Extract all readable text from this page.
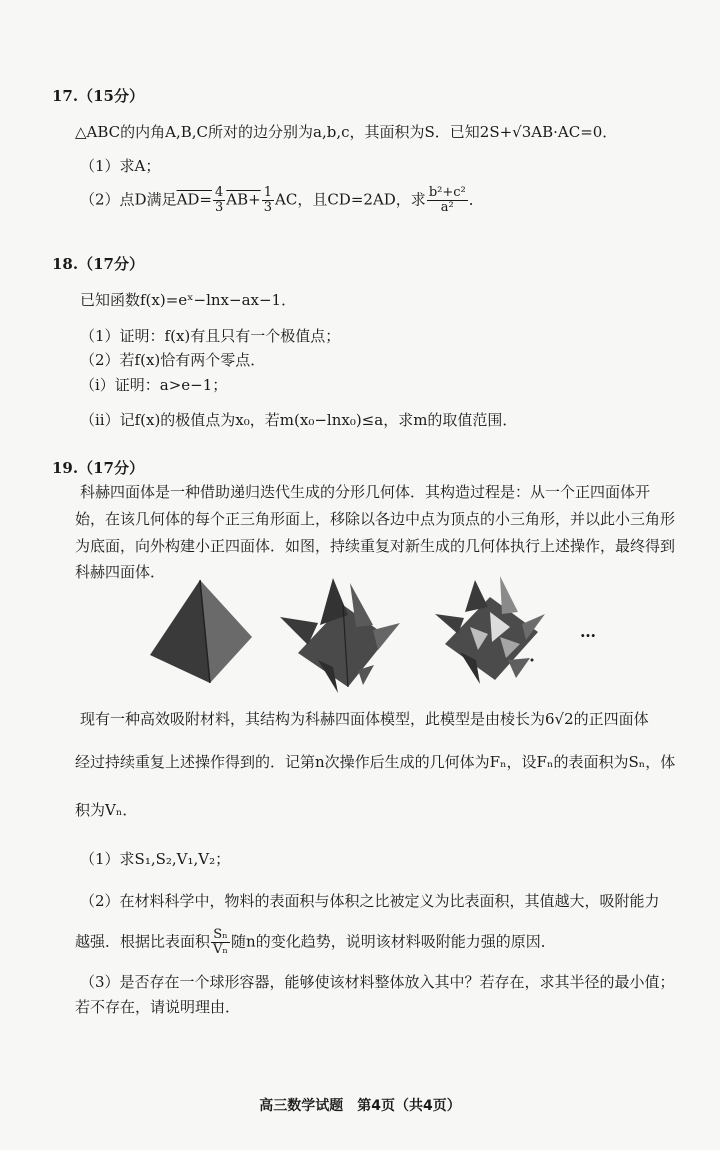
17.（15分）
△ABC的内角A,B,C所对的边分别为a,b,c，其面积为S．已知2S+√3AB·AC=0．
（1）求A；
（2）点D满足$AD= \frac{4}{3} AB+ \frac{1}{3}$ AC，且CD=2AD，求 $\frac{\text{b²+c²}}{\text{a²}}$ ．
18.（17分）
已知函数f(x)=eˣ−lnx−ax−1．
（1）证明：f(x)有且只有一个极值点；
（2）若f(x)恰有两个零点．
（i）证明：a>e−1；
（ii）记f(x)的极值点为x₀，若m(x₀−lnx₀)≤a，求m的取值范围．
19.（17分）
科赫四面体是一种借助递归迭代生成的分形几何体．其构造过程是：从一个正四面体开
始，在该几何体的每个正三角形面上，移除以各边中点为顶点的小三角形，并以此小三角形
为底面，向外构建小正四面体．如图，持续重复对新生成的几何体执行上述操作，最终得到
科赫四面体．
…
现有一种高效吸附材料，其结构为科赫四面体模型，此模型是由棱长为6√2的正四面体
经过持续重复上述操作得到的．记第n次操作后生成的几何体为Fₙ，设Fₙ的表面积为Sₙ，体
积为Vₙ．
（1）求S₁,S₂,V₁,V₂；
（2）在材料科学中，物料的表面积与体积之比被定义为比表面积，其值越大，吸附能力
越强．根据比表面积 $\frac{\text{Sₙ}}{\text{Vₙ}}$ 随n的变化趋势，说明该材料吸附能力强的原因．
（3）是否存在一个球形容器，能够使该材料整体放入其中？若存在，求其半径的最小值；
若不存在，请说明理由．
高三数学试题　第4页（共4页）
